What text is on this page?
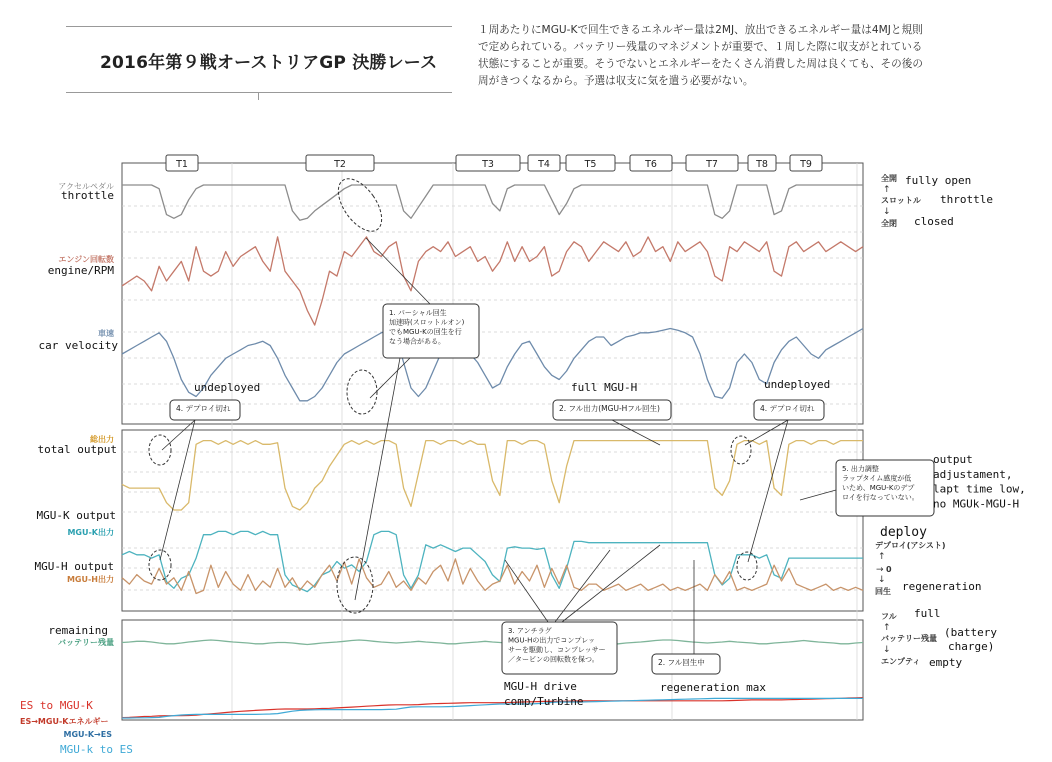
2016年第９戦オーストリアGP 決勝レース
１周あたりにMGU-Kで回生できるエネルギー量は2MJ、放出できるエネルギー量は4MJと規則で定められている。バッテリー残量のマネジメントが重要で、１周した際に収支がとれている状態にすることが重要。そうでないとエネルギーをたくさん消費した周は良くても、その後の周がきつくなるから。予選は収支に気を遣う必要がない。
T1	T2	T3	T4	T5	T6	T7	T8	T9
アクセルペダル
throttle
エンジン回転数
engine/RPM
車速
car velocity
総出力
total output
MGU-K output
MGU-K出力
MGU-H output
MGU-H出力
remaining
バッテリー残量
ES to MGU-K
ES→MGU-Kエネルギー
MGU-K→ES
MGU-k to ES
全開 fully open
↑
スロットル throttle
↓
全閉 closed
deploy
デプロイ(アシスト)
↑
→ 0
↓
回生 regeneration
フル full
↑
バッテリー残量 (battery charge)
↓
エンプティ empty
1. パーシャル回生加速時(スロットルオン)でもMGU-Kの回生を行なう場合がある。
4. デプロイ切れ	2. フル出力(MGU-Hフル回生)	4. デプロイ切れ
5. 出力調整ラップタイム感度が低いため、MGU-Kのデプロイを行なっていない。
3. アンチラグ MGU-Hの出力でコンプレッサーを駆動し、コンプレッサー／タービンの回転数を保つ。	2. フル回生中
undeployed	full MGU-H	undeployed
output adjustament, lapt time low, no MGUk-MGU-H
MGU-H drive comp/Turbine
regeneration max
